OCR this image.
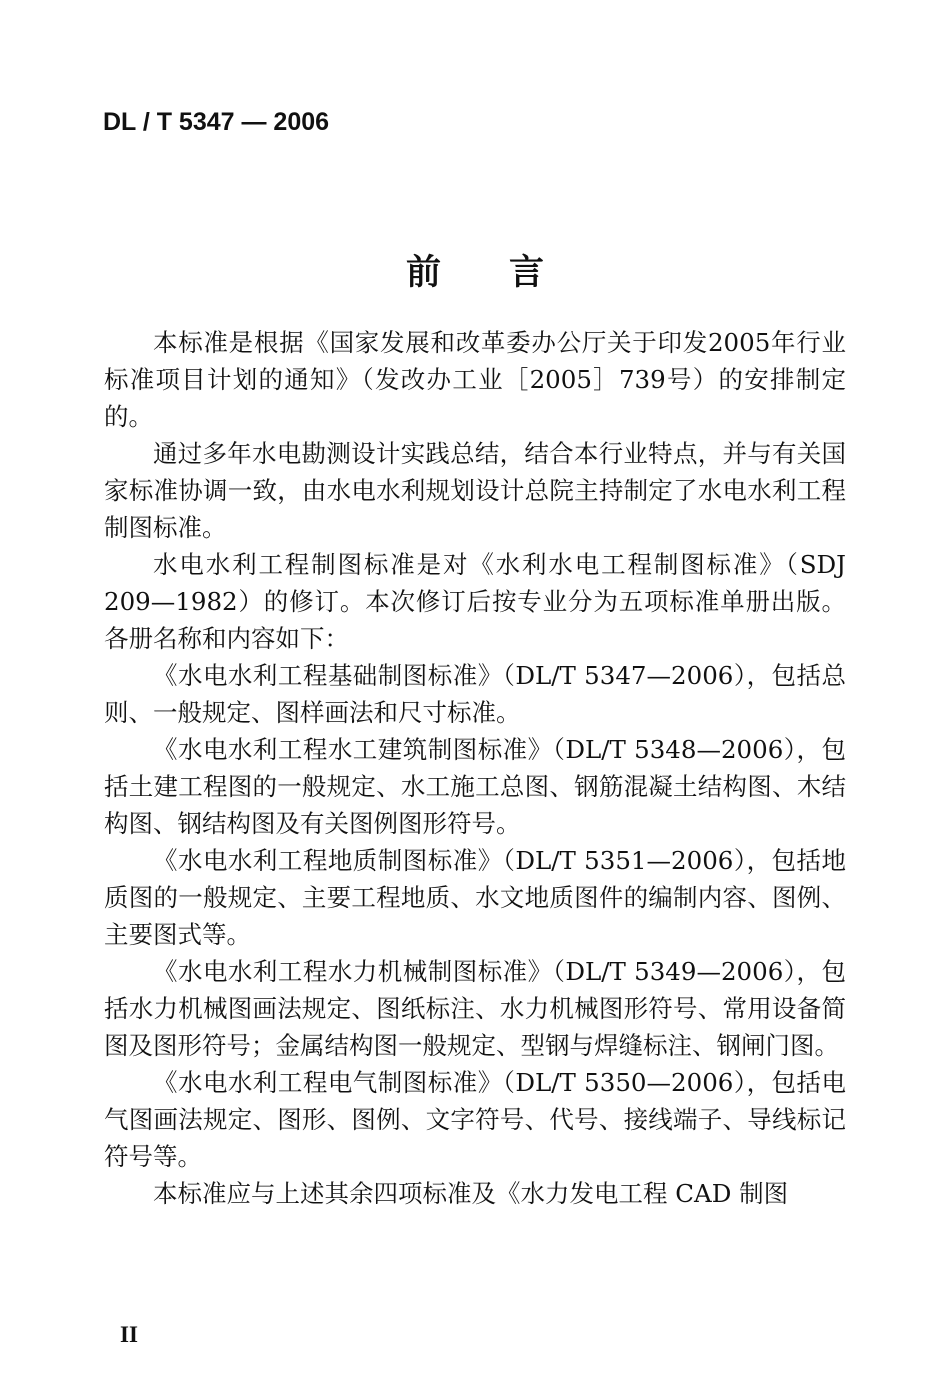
DL / T 5347 — 2006
前言

本标准是根据《国家发展和改革委办公厅关于印发2005年行业标准项目计划的通知》（发改办工业［2005］739号）的安排制定的。

通过多年水电勘测设计实践总结，结合本行业特点，并与有关国家标准协调一致，由水电水利规划设计总院主持制定了水电水利工程制图标准。

水电水利工程制图标准是对《水利水电工程制图标准》（SDJ 209—1982）的修订。本次修订后按专业分为五项标准单册出版。各册名称和内容如下：

《水电水利工程基础制图标准》（DL/T 5347—2006），包括总则、一般规定、图样画法和尺寸标准。

《水电水利工程水工建筑制图标准》（DL/T 5348—2006），包括土建工程图的一般规定、水工施工总图、钢筋混凝土结构图、木结构图、钢结构图及有关图例图形符号。

《水电水利工程地质制图标准》（DL/T 5351—2006），包括地质图的一般规定、主要工程地质、水文地质图件的编制内容、图例、主要图式等。

《水电水利工程水力机械制图标准》（DL/T 5349—2006），包括水力机械图画法规定、图纸标注、水力机械图形符号、常用设备简图及图形符号；金属结构图一般规定、型钢与焊缝标注、钢闸门图。

《水电水利工程电气制图标准》（DL/T 5350—2006），包括电气图画法规定、图形、图例、文字符号、代号、接线端子、导线标记符号等。

本标准应与上述其余四项标准及《水力发电工程 CAD 制图

II
